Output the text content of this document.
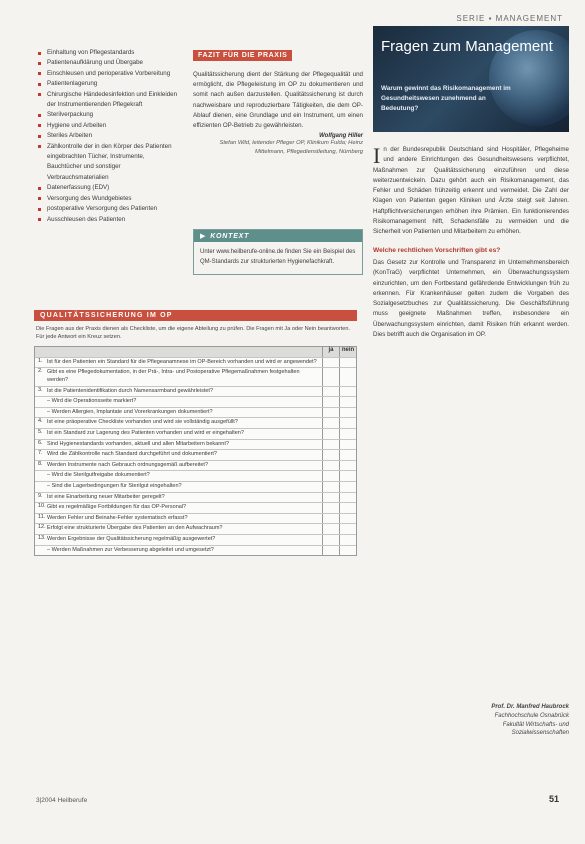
SERIE ▪ MANAGEMENT
Einhaltung von Pflegestandards
Patientenaufklärung und Übergabe
Einschleusen und perioperative Vorbereitung
Patientenlagerung
Chirurgische Händedesinfektion und Einkleiden der Instrumentierenden Pflegekraft
Sterilverpackung
Hygiene und Arbeiten
Steriles Arbeiten
Zählkontrolle der in den Körper des Patienten eingebrachten Tücher, Instrumente, Bauchtücher und sonstiger Verbrauchsmaterialien
Datenerfassung (EDV)
Versorgung des Wundgebietes
postoperative Versorgung des Patienten
Ausschleusen des Patienten
FAZIT FÜR DIE PRAXIS
Qualitätssicherung dient der Stärkung der Pflegequalität und ermöglicht, die Pflegeleistung im OP zu dokumentieren und somit nach außen darzustellen. Qualitätssicherung ist durch nachweisbare und reproduzierbare Tätigkeiten, die dem OP-Ablauf dienen, eine Grundlage und ein Instrument, um einen effizienten OP-Betrieb zu gewährleisten.
Wolfgang Hiller
Stefan Wild, leitender Pfleger OP, Klinikum Fulda; Heinz Mittelmann, Pflegedienstleitung, Nürnberg
▶ KONTEXT
Unter www.heilberufe-online.de finden Sie ein Beispiel des QM-Standards zur strukturierten Hygienefachkraft.
QUALITÄTSSICHERUNG IM OP
Die Fragen aus der Praxis dienen als Checkliste, um die eigene Abteilung zu prüfen. Die Fragen mit Ja oder Nein beantworten. Für jede Antwort ein Kreuz setzen.
ja	nein
1. Ist für den Patienten ein Standard für die Pflegeanamnese im OP-Bereich vorhanden und wird er angewendet?
2. Gibt es eine Pflegedokumentation, in der Prä-, Intra- und Postoperative Pflegemaßnahmen festgehalten werden?
3. Ist die Patientenidentifikation durch Namensarmband gewährleistet?
– Wird die Operationsseite markiert?
– Werden Allergien, Implantate und Vorerkrankungen dokumentiert?
4. Ist eine präoperative Checkliste vorhanden und wird sie vollständig ausgefüllt?
5. Ist ein Standard zur Lagerung des Patienten vorhanden und wird er eingehalten?
6. Sind Hygienestandards vorhanden, aktuell und allen Mitarbeitern bekannt?
7. Wird die Zählkontrolle nach Standard durchgeführt und dokumentiert?
8. Werden Instrumente nach Gebrauch ordnungsgemäß aufbereitet?
– Wird die Sterilgutfreigabe dokumentiert?
– Sind die Lagerbedingungen für Sterilgut eingehalten?
9. Ist eine Einarbeitung neuer Mitarbeiter geregelt?
10. Gibt es regelmäßige Fortbildungen für das OP-Personal?
11. Werden Fehler und Beinahe-Fehler systematisch erfasst?
12. Erfolgt eine strukturierte Übergabe des Patienten an den Aufwachraum?
13. Werden Ergebnisse der Qualitätssicherung regelmäßig ausgewertet?
– Werden Maßnahmen zur Verbesserung abgeleitet und umgesetzt?
Fragen zum Management
Warum gewinnt das Risikomanagement im Gesundheitswesen zunehmend an Bedeutung?

In der Bundesrepublik Deutschland sind Hospitäler, Pflegeheime und andere Einrichtungen des Gesundheitswesens verpflichtet, Maßnahmen zur Qualitätssicherung einzuführen und diese weiterzuentwickeln. Dazu gehört auch ein Risikomanagement, das Fehler und Schäden frühzeitig erkennt und vermeidet. Die Zahl der Klagen von Patienten gegen Kliniken und Ärzte steigt seit Jahren. Haftpflichtversicherungen erhöhen ihre Prämien. Ein funktionierendes Risikomanagement hilft, Schadensfälle zu vermeiden und die Sicherheit von Patienten und Mitarbeitern zu erhöhen.

Welche rechtlichen Vorschriften gibt es?

Das Gesetz zur Kontrolle und Transparenz im Unternehmensbereich (KonTraG) verpflichtet Unternehmen, ein Überwachungssystem einzurichten, um den Fortbestand gefährdende Entwicklungen früh zu erkennen. Für Krankenhäuser gelten zudem die Vorgaben des Sozialgesetzbuches zur Qualitätssicherung. Die Geschäftsführung muss geeignete Maßnahmen treffen, insbesondere ein Überwachungssystem einrichten, damit Risiken früh erkannt werden. Dies betrifft auch die Organisation im OP.

Prof. Dr. Manfred Haubrock
Fachhochschule Osnabrück
Fakultät Wirtschafts- und
Sozialwissenschaften
3|2004 Heilberufe	51
